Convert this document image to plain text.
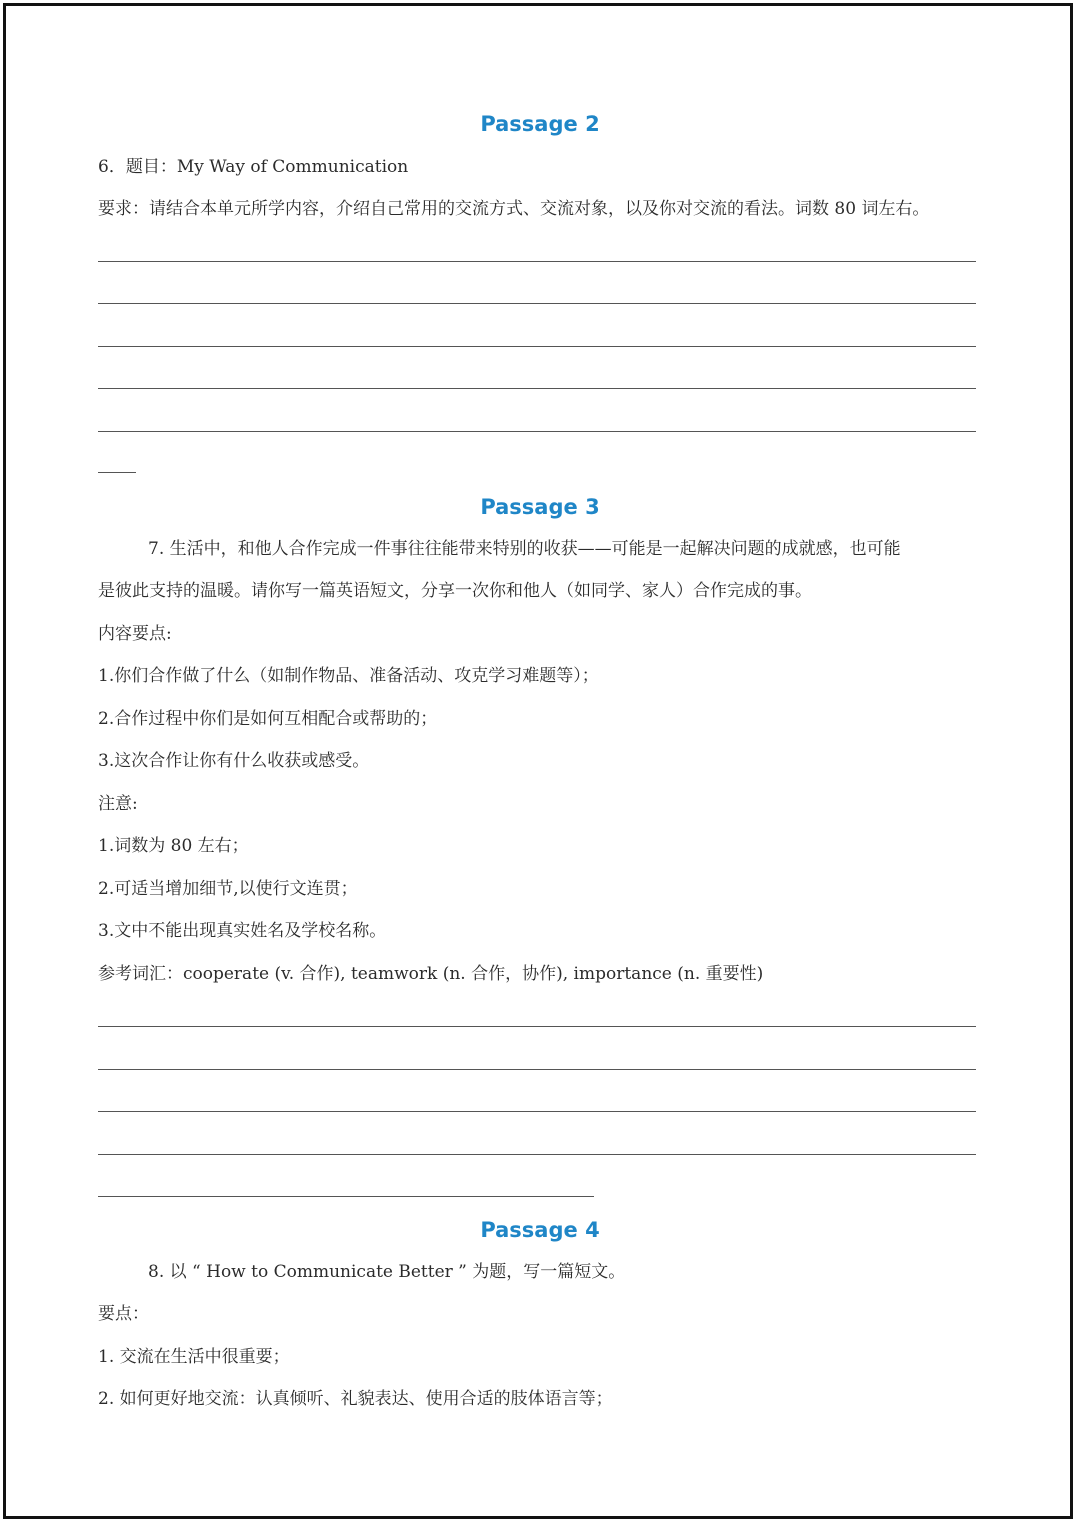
Passage 2
6．题目：My Way of Communication
要求：请结合本单元所学内容，介绍自己常用的交流方式、交流对象，以及你对交流的看法。词数 80 词左右。
Passage 3
7. 生活中，和他人合作完成一件事往往能带来特别的收获——可能是一起解决问题的成就感，也可能
是彼此支持的温暖。请你写一篇英语短文，分享一次你和他人（如同学、家人）合作完成的事。
内容要点:
1.你们合作做了什么（如制作物品、准备活动、攻克学习难题等）；
2.合作过程中你们是如何互相配合或帮助的；
3.这次合作让你有什么收获或感受。
注意:
1.词数为 80 左右；
2.可适当增加细节,以使行文连贯；
3.文中不能出现真实姓名及学校名称。
参考词汇：cooperate (v. 合作), teamwork (n. 合作，协作), importance (n. 重要性)
Passage 4
8. 以 “ How to Communicate Better ” 为题，写一篇短文。
要点：
1. 交流在生活中很重要；
2. 如何更好地交流：认真倾听、礼貌表达、使用合适的肢体语言等；
